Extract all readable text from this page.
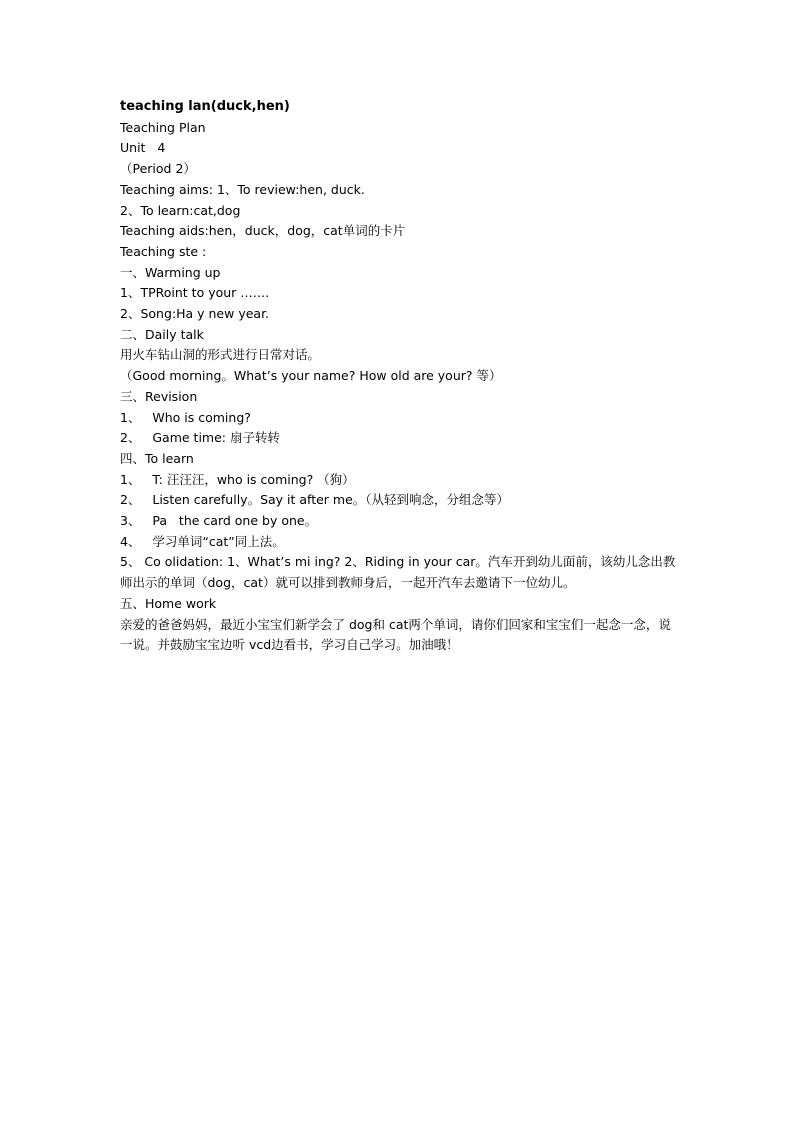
teaching lan(duck,hen)

Teaching Plan

Unit   4

（Period 2）

Teaching aims: 1、To review:hen, duck.

2、To learn:cat,dog

Teaching aids:hen，duck，dog，cat单词的卡片

Teaching ste :

一、Warming up

1、TPRoint to your …….

2、Song:Ha y new year.

二、Daily talk

用火车钻山洞的形式进行日常对话。

（Good morning。What’s your name? How old are your? 等）

三、Revision

1、   Who is coming?

2、   Game time: 扇子转转

四、To learn

1、   T: 汪汪汪，who is coming? （狗）

2、   Listen carefully。Say it after me。（从轻到响念，分组念等）

3、   Pa   the card one by one。

4、   学习单词“cat”同上法。

5、 Co olidation: 1、What’s mi ing? 2、Riding in your car。汽车开到幼儿面前，该幼儿念出教师出示的单词（dog，cat）就可以排到教师身后，一起开汽车去邀请下一位幼儿。

五、Home work

亲爱的爸爸妈妈，最近小宝宝们新学会了 dog和 cat两个单词，请你们回家和宝宝们一起念一念，说一说。并鼓励宝宝边听 vcd边看书，学习自己学习。加油哦！
